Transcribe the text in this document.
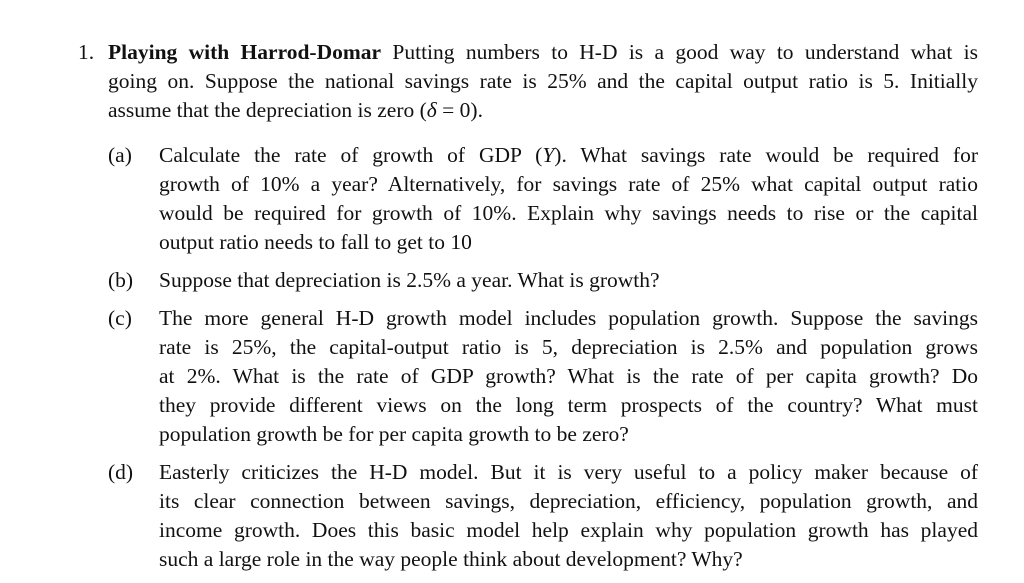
1. Playing with Harrod-Domar Putting numbers to H-D is a good way to understand what is
going on. Suppose the national savings rate is 25% and the capital output ratio is 5. Initially
assume that the depreciation is zero (δ = 0).
(a)	Calculate the rate of growth of GDP (Y). What savings rate would be required for
growth of 10% a year? Alternatively, for savings rate of 25% what capital output ratio
would be required for growth of 10%. Explain why savings needs to rise or the capital
output ratio needs to fall to get to 10
(b)	Suppose that depreciation is 2.5% a year. What is growth?
(c)	The more general H-D growth model includes population growth. Suppose the savings
rate is 25%, the capital-output ratio is 5, depreciation is 2.5% and population grows
at 2%. What is the rate of GDP growth? What is the rate of per capita growth? Do
they provide different views on the long term prospects of the country? What must
population growth be for per capita growth to be zero?
(d)	Easterly criticizes the H-D model. But it is very useful to a policy maker because of
its clear connection between savings, depreciation, efficiency, population growth, and
income growth. Does this basic model help explain why population growth has played
such a large role in the way people think about development? Why?
